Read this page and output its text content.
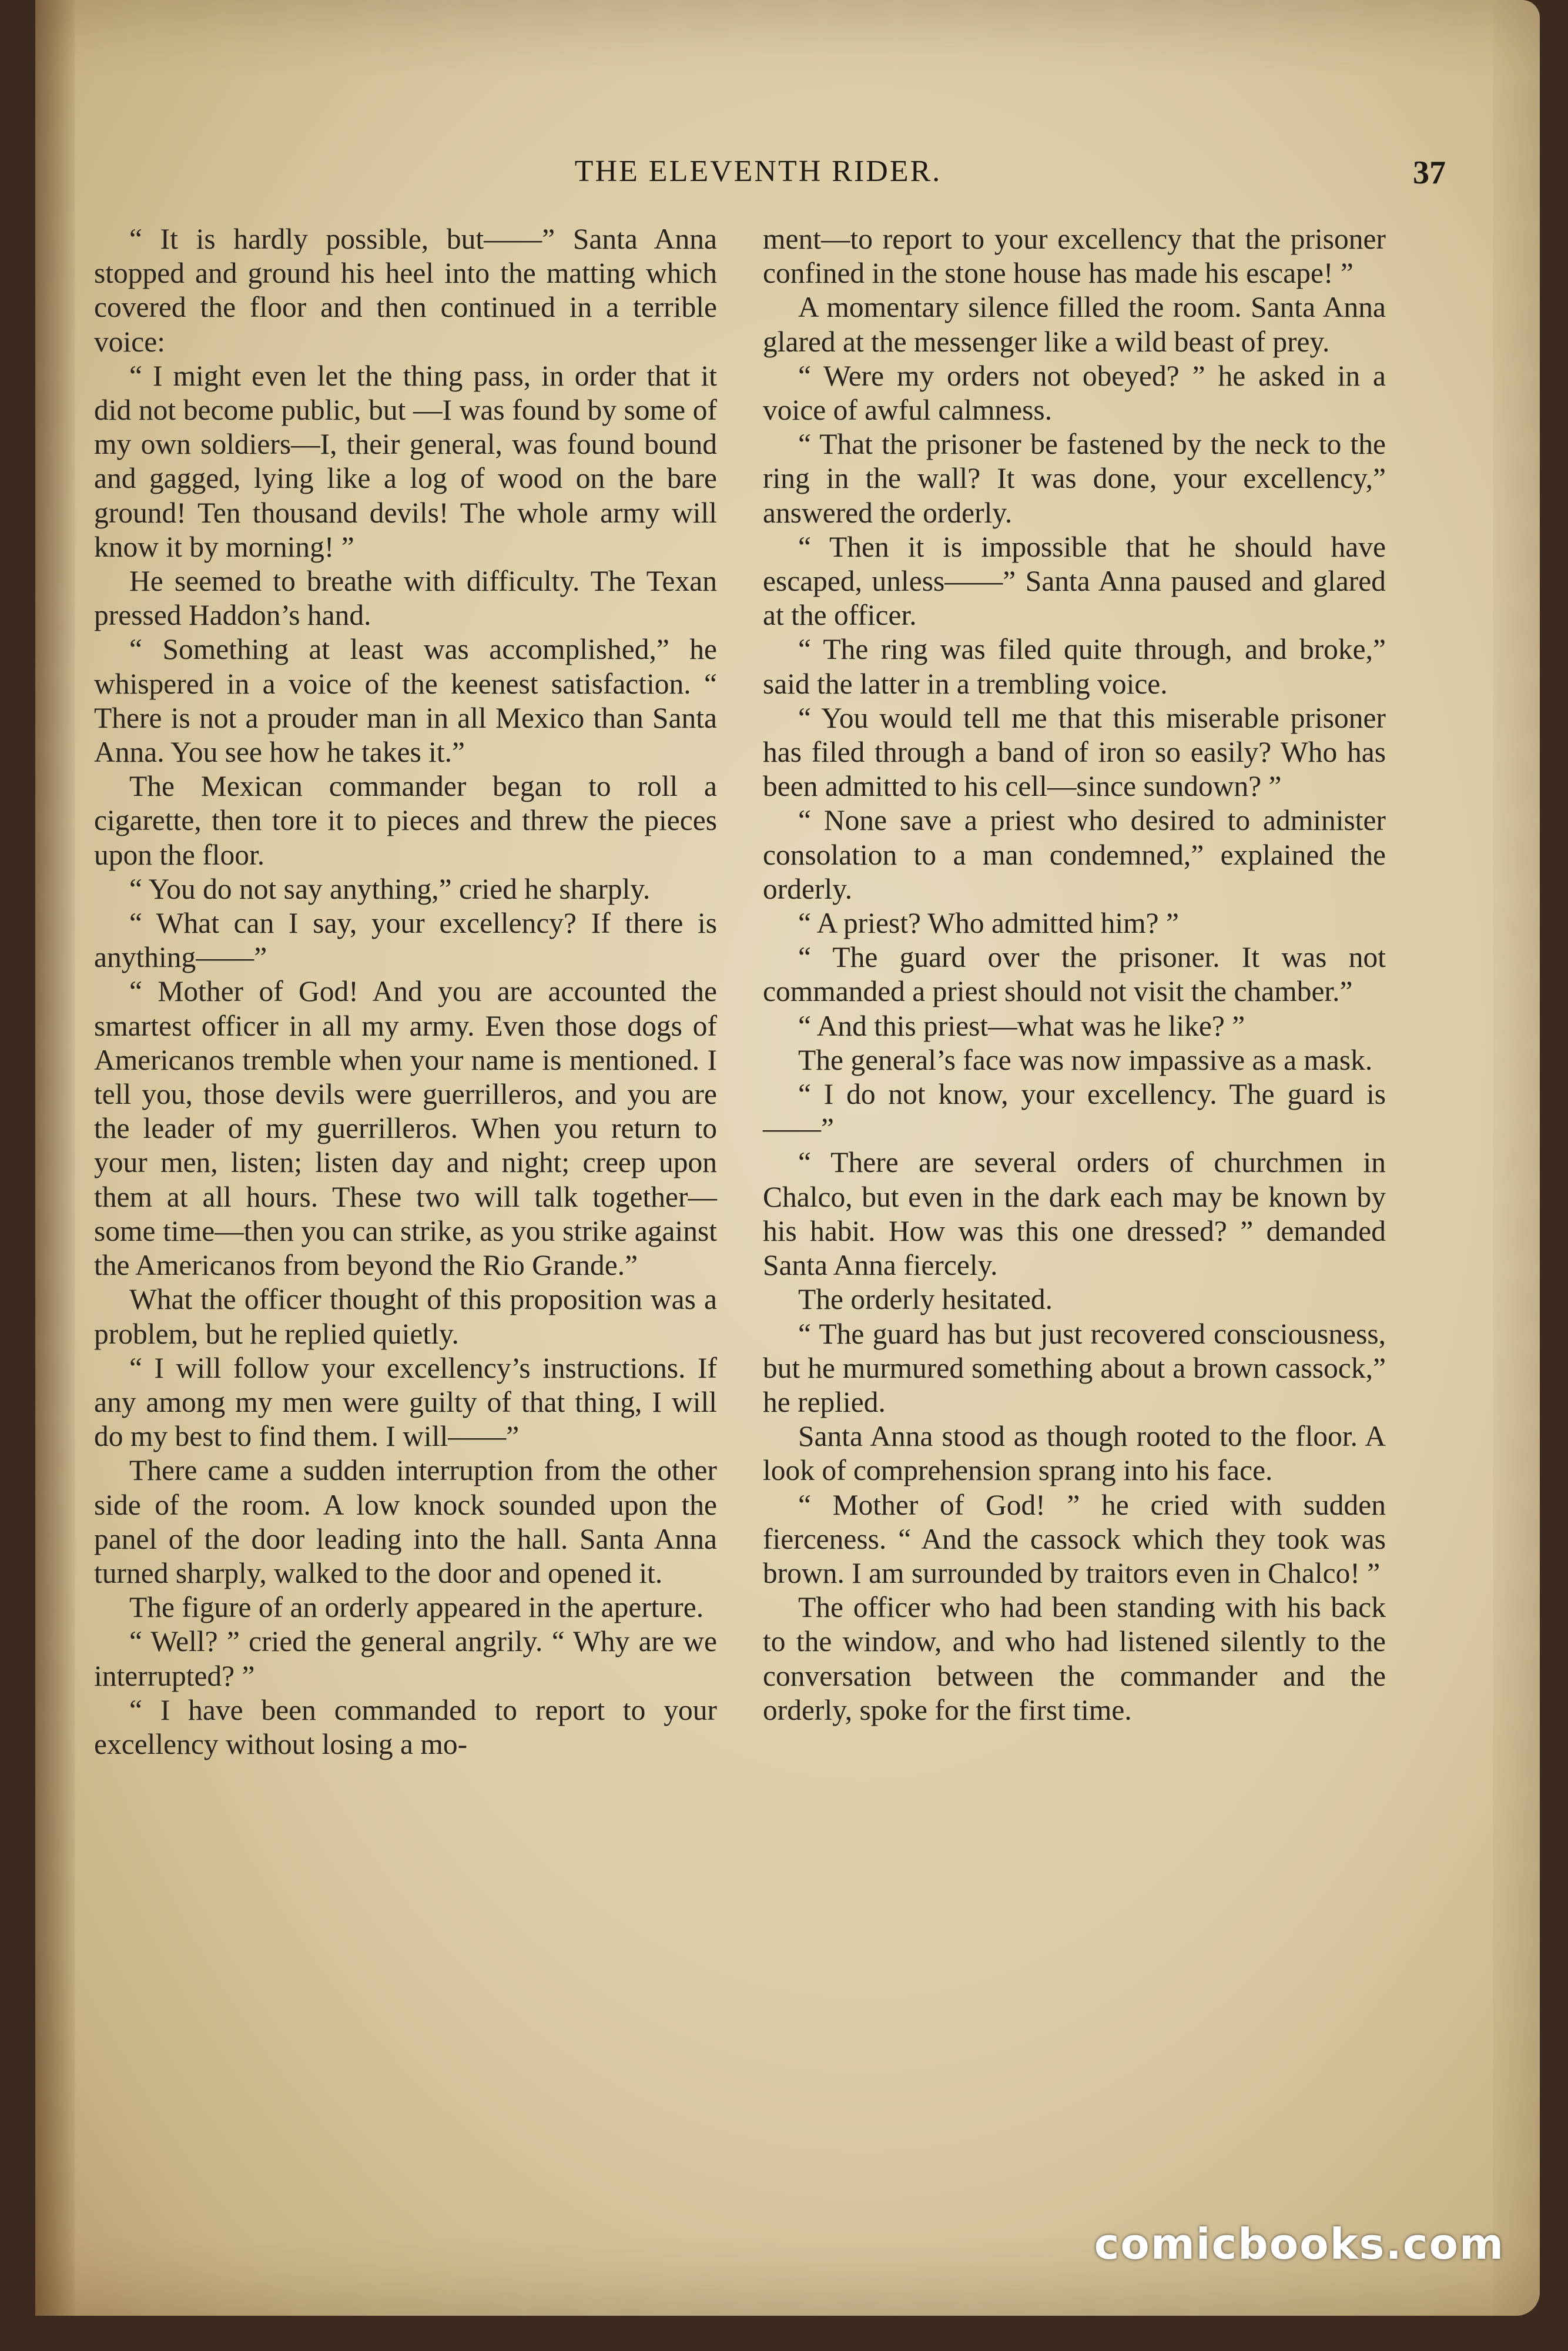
THE ELEVENTH RIDER.	37

“ It is hardly possible, but——” Santa Anna stopped and ground his heel into the matting which covered the floor and then continued in a terrible voice:

“ I might even let the thing pass, in order that it did not become public, but —I was found by some of my own soldiers—I, their general, was found bound and gagged, lying like a log of wood on the bare ground! Ten thousand devils! The whole army will know it by morning! ”

He seemed to breathe with difficulty. The Texan pressed Haddon’s hand.

“ Something at least was accomplished,” he whispered in a voice of the keenest satisfaction. “ There is not a prouder man in all Mexico than Santa Anna. You see how he takes it.”

The Mexican commander began to roll a cigarette, then tore it to pieces and threw the pieces upon the floor.

“ You do not say anything,” cried he sharply.

“ What can I say, your excellency? If there is anything——”

“ Mother of God! And you are accounted the smartest officer in all my army. Even those dogs of Americanos tremble when your name is mentioned. I tell you, those devils were guerrilleros, and you are the leader of my guerrilleros. When you return to your men, listen; listen day and night; creep upon them at all hours. These two will talk together—some time—then you can strike, as you strike against the Americanos from beyond the Rio Grande.”

What the officer thought of this proposition was a problem, but he replied quietly.

“ I will follow your excellency’s instructions. If any among my men were guilty of that thing, I will do my best to find them. I will——”

There came a sudden interruption from the other side of the room. A low knock sounded upon the panel of the door leading into the hall. Santa Anna turned sharply, walked to the door and opened it.

The figure of an orderly appeared in the aperture.

“ Well? ” cried the general angrily. “ Why are we interrupted? ”

“ I have been commanded to report to your excellency without losing a mo-

ment—to report to your excellency that the prisoner confined in the stone house has made his escape! ”

A momentary silence filled the room. Santa Anna glared at the messenger like a wild beast of prey.

“ Were my orders not obeyed? ” he asked in a voice of awful calmness.

“ That the prisoner be fastened by the neck to the ring in the wall? It was done, your excellency,” answered the orderly.

“ Then it is impossible that he should have escaped, unless——” Santa Anna paused and glared at the officer.

“ The ring was filed quite through, and broke,” said the latter in a trembling voice.

“ You would tell me that this miserable prisoner has filed through a band of iron so easily? Who has been admitted to his cell—since sundown? ”

“ None save a priest who desired to administer consolation to a man condemned,” explained the orderly.

“ A priest? Who admitted him? ”

“ The guard over the prisoner. It was not commanded a priest should not visit the chamber.”

“ And this priest—what was he like? ”

The general’s face was now impassive as a mask.

“ I do not know, your excellency. The guard is——”

“ There are several orders of churchmen in Chalco, but even in the dark each may be known by his habit. How was this one dressed? ” demanded Santa Anna fiercely.

The orderly hesitated.

“ The guard has but just recovered consciousness, but he murmured something about a brown cassock,” he replied.

Santa Anna stood as though rooted to the floor. A look of comprehension sprang into his face.

“ Mother of God! ” he cried with sudden fierceness. “ And the cassock which they took was brown. I am surrounded by traitors even in Chalco! ”

The officer who had been standing with his back to the window, and who had listened silently to the conversation between the commander and the orderly, spoke for the first time.

comicbooks.com
